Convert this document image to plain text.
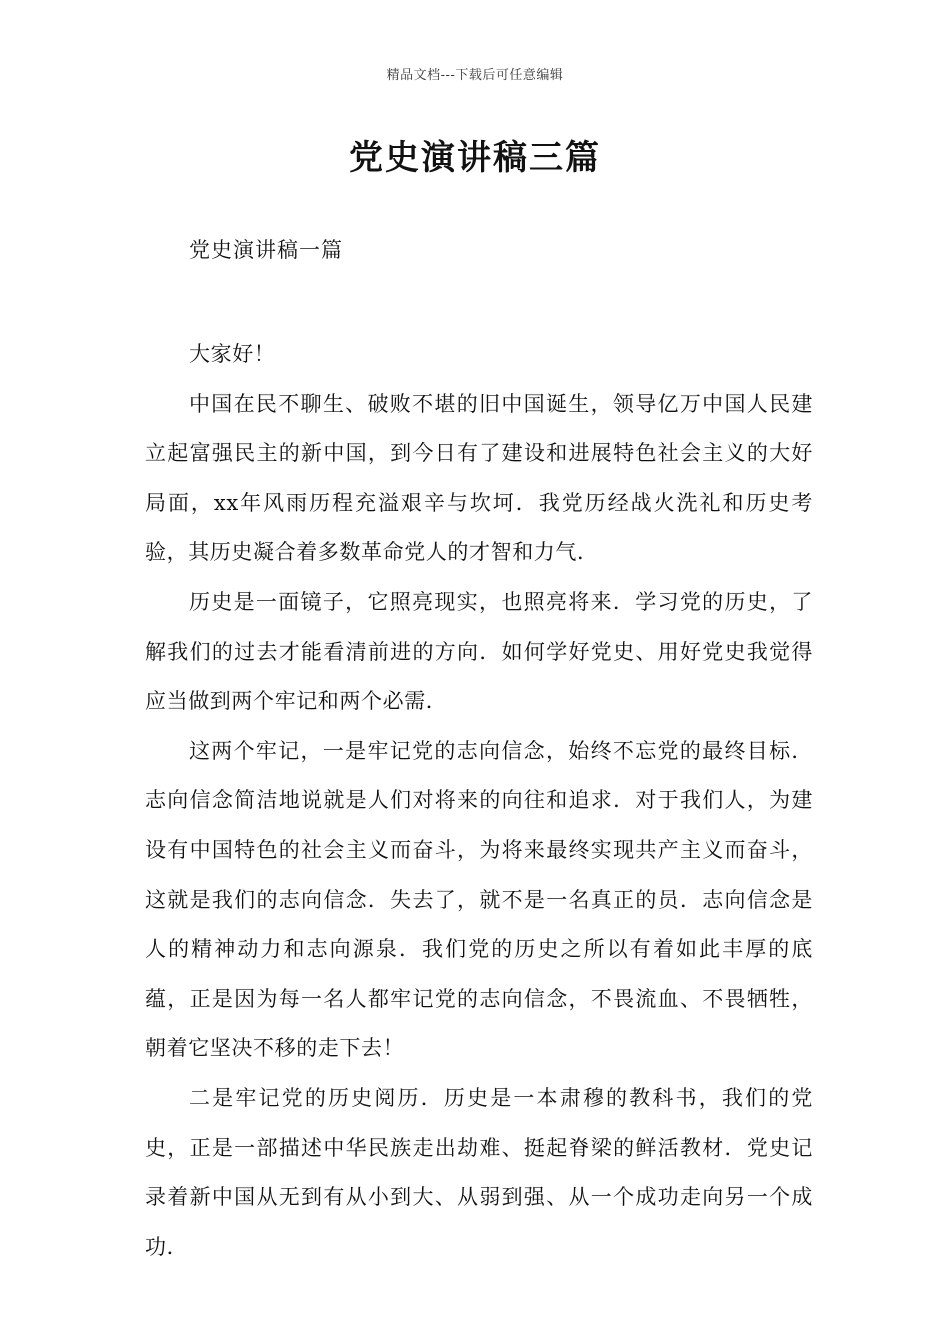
精品文档---下载后可任意编辑
党史演讲稿三篇
党史演讲稿一篇

大家好！

中国在民不聊生、破败不堪的旧中国诞生，领导亿万中国人民建立起富强民主的新中国，到今日有了建设和进展特色社会主义的大好局面，xx年风雨历程充溢艰辛与坎坷．我党历经战火洗礼和历史考验，其历史凝合着多数革命党人的才智和力气．

历史是一面镜子，它照亮现实，也照亮将来．学习党的历史，了解我们的过去才能看清前进的方向．如何学好党史、用好党史我觉得应当做到两个牢记和两个必需．

这两个牢记，一是牢记党的志向信念，始终不忘党的最终目标．志向信念简洁地说就是人们对将来的向往和追求．对于我们人，为建设有中国特色的社会主义而奋斗，为将来最终实现共产主义而奋斗，这就是我们的志向信念．失去了，就不是一名真正的员．志向信念是人的精神动力和志向源泉．我们党的历史之所以有着如此丰厚的底蕴，正是因为每一名人都牢记党的志向信念，不畏流血、不畏牺牲，朝着它坚决不移的走下去！

二是牢记党的历史阅历．历史是一本肃穆的教科书，我们的党史，正是一部描述中华民族走出劫难、挺起脊梁的鲜活教材．党史记录着新中国从无到有从小到大、从弱到强、从一个成功走向另一个成功．
